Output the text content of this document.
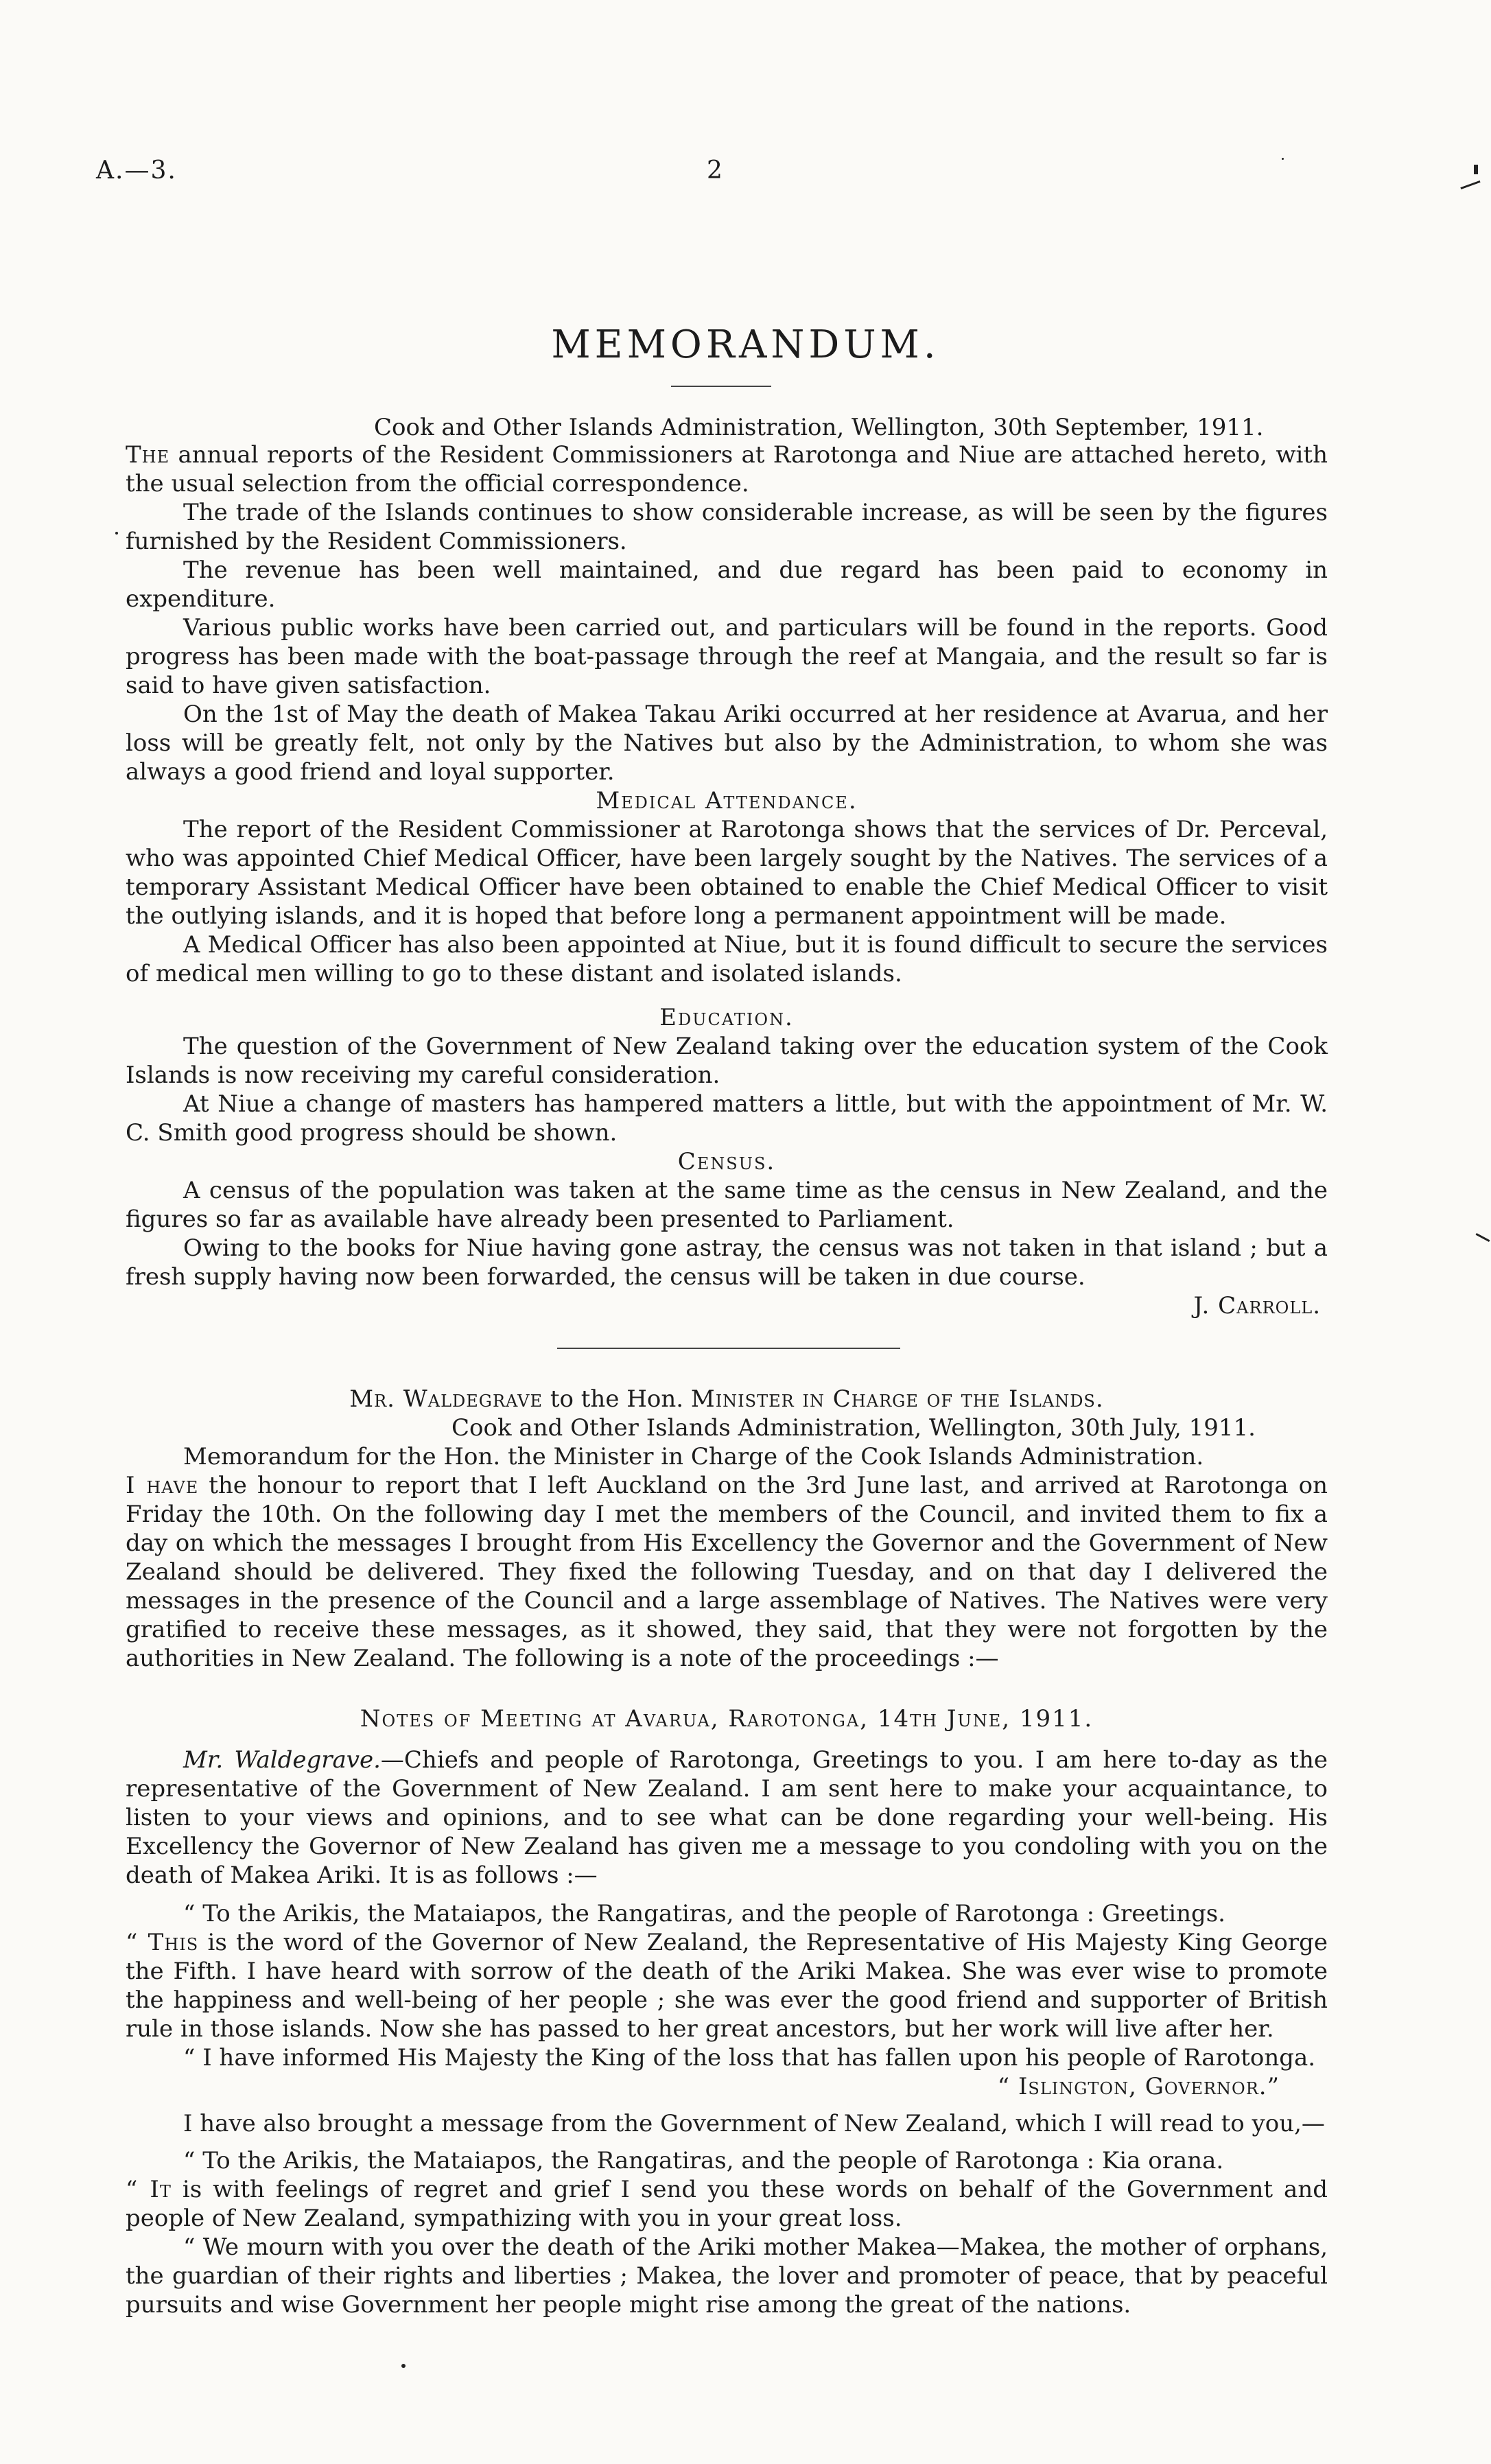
A.—3.	2
MEMORANDUM.
Cook and Other Islands Administration, Wellington, 30th September, 1911.

The annual reports of the Resident Commissioners at Rarotonga and Niue are attached hereto, with the usual selection from the official correspondence.

The trade of the Islands continues to show considerable increase, as will be seen by the figures furnished by the Resident Commissioners.

The revenue has been well maintained, and due regard has been paid to economy in expenditure.

Various public works have been carried out, and particulars will be found in the reports. Good progress has been made with the boat-passage through the reef at Mangaia, and the result so far is said to have given satisfaction.

On the 1st of May the death of Makea Takau Ariki occurred at her residence at Avarua, and her loss will be greatly felt, not only by the Natives but also by the Administration, to whom she was always a good friend and loyal supporter.

Medical Attendance.

The report of the Resident Commissioner at Rarotonga shows that the services of Dr. Perceval, who was appointed Chief Medical Officer, have been largely sought by the Natives. The services of a temporary Assistant Medical Officer have been obtained to enable the Chief Medical Officer to visit the outlying islands, and it is hoped that before long a permanent appointment will be made.

A Medical Officer has also been appointed at Niue, but it is found difficult to secure the services of medical men willing to go to these distant and isolated islands.

Education.

The question of the Government of New Zealand taking over the education system of the Cook Islands is now receiving my careful consideration.

At Niue a change of masters has hampered matters a little, but with the appointment of Mr. W. C. Smith good progress should be shown.

Census.

A census of the population was taken at the same time as the census in New Zealand, and the figures so far as available have already been presented to Parliament.

Owing to the books for Niue having gone astray, the census was not taken in that island ; but a fresh supply having now been forwarded, the census will be taken in due course.

J. Carroll.

Mr. Waldegrave to the Hon. Minister in Charge of the Islands.

Cook and Other Islands Administration, Wellington, 30th July, 1911.

Memorandum for the Hon. the Minister in Charge of the Cook Islands Administration.

I have the honour to report that I left Auckland on the 3rd June last, and arrived at Rarotonga on Friday the 10th. On the following day I met the members of the Council, and invited them to fix a day on which the messages I brought from His Excellency the Governor and the Government of New Zealand should be delivered. They fixed the following Tuesday, and on that day I delivered the messages in the presence of the Council and a large assemblage of Natives. The Natives were very gratified to receive these messages, as it showed, they said, that they were not forgotten by the authorities in New Zealand. The following is a note of the proceedings :—

Notes of Meeting at Avarua, Rarotonga, 14th June, 1911.

Mr. Waldegrave.—Chiefs and people of Rarotonga, Greetings to you. I am here to-day as the representative of the Government of New Zealand. I am sent here to make your acquaintance, to listen to your views and opinions, and to see what can be done regarding your well-being. His Excellency the Governor of New Zealand has given me a message to you condoling with you on the death of Makea Ariki. It is as follows :—

“ To the Arikis, the Mataiapos, the Rangatiras, and the people of Rarotonga : Greetings.

“ This is the word of the Governor of New Zealand, the Representative of His Majesty King George the Fifth. I have heard with sorrow of the death of the Ariki Makea. She was ever wise to promote the happiness and well-being of her people ; she was ever the good friend and supporter of British rule in those islands. Now she has passed to her great ancestors, but her work will live after her.

“ I have informed His Majesty the King of the loss that has fallen upon his people of Rarotonga.

“ Islington, Governor.”

I have also brought a message from the Government of New Zealand, which I will read to you,—

“ To the Arikis, the Mataiapos, the Rangatiras, and the people of Rarotonga : Kia orana.

“ It is with feelings of regret and grief I send you these words on behalf of the Government and people of New Zealand, sympathizing with you in your great loss.

“ We mourn with you over the death of the Ariki mother Makea—Makea, the mother of orphans, the guardian of their rights and liberties ; Makea, the lover and promoter of peace, that by peaceful pursuits and wise Government her people might rise among the great of the nations.
